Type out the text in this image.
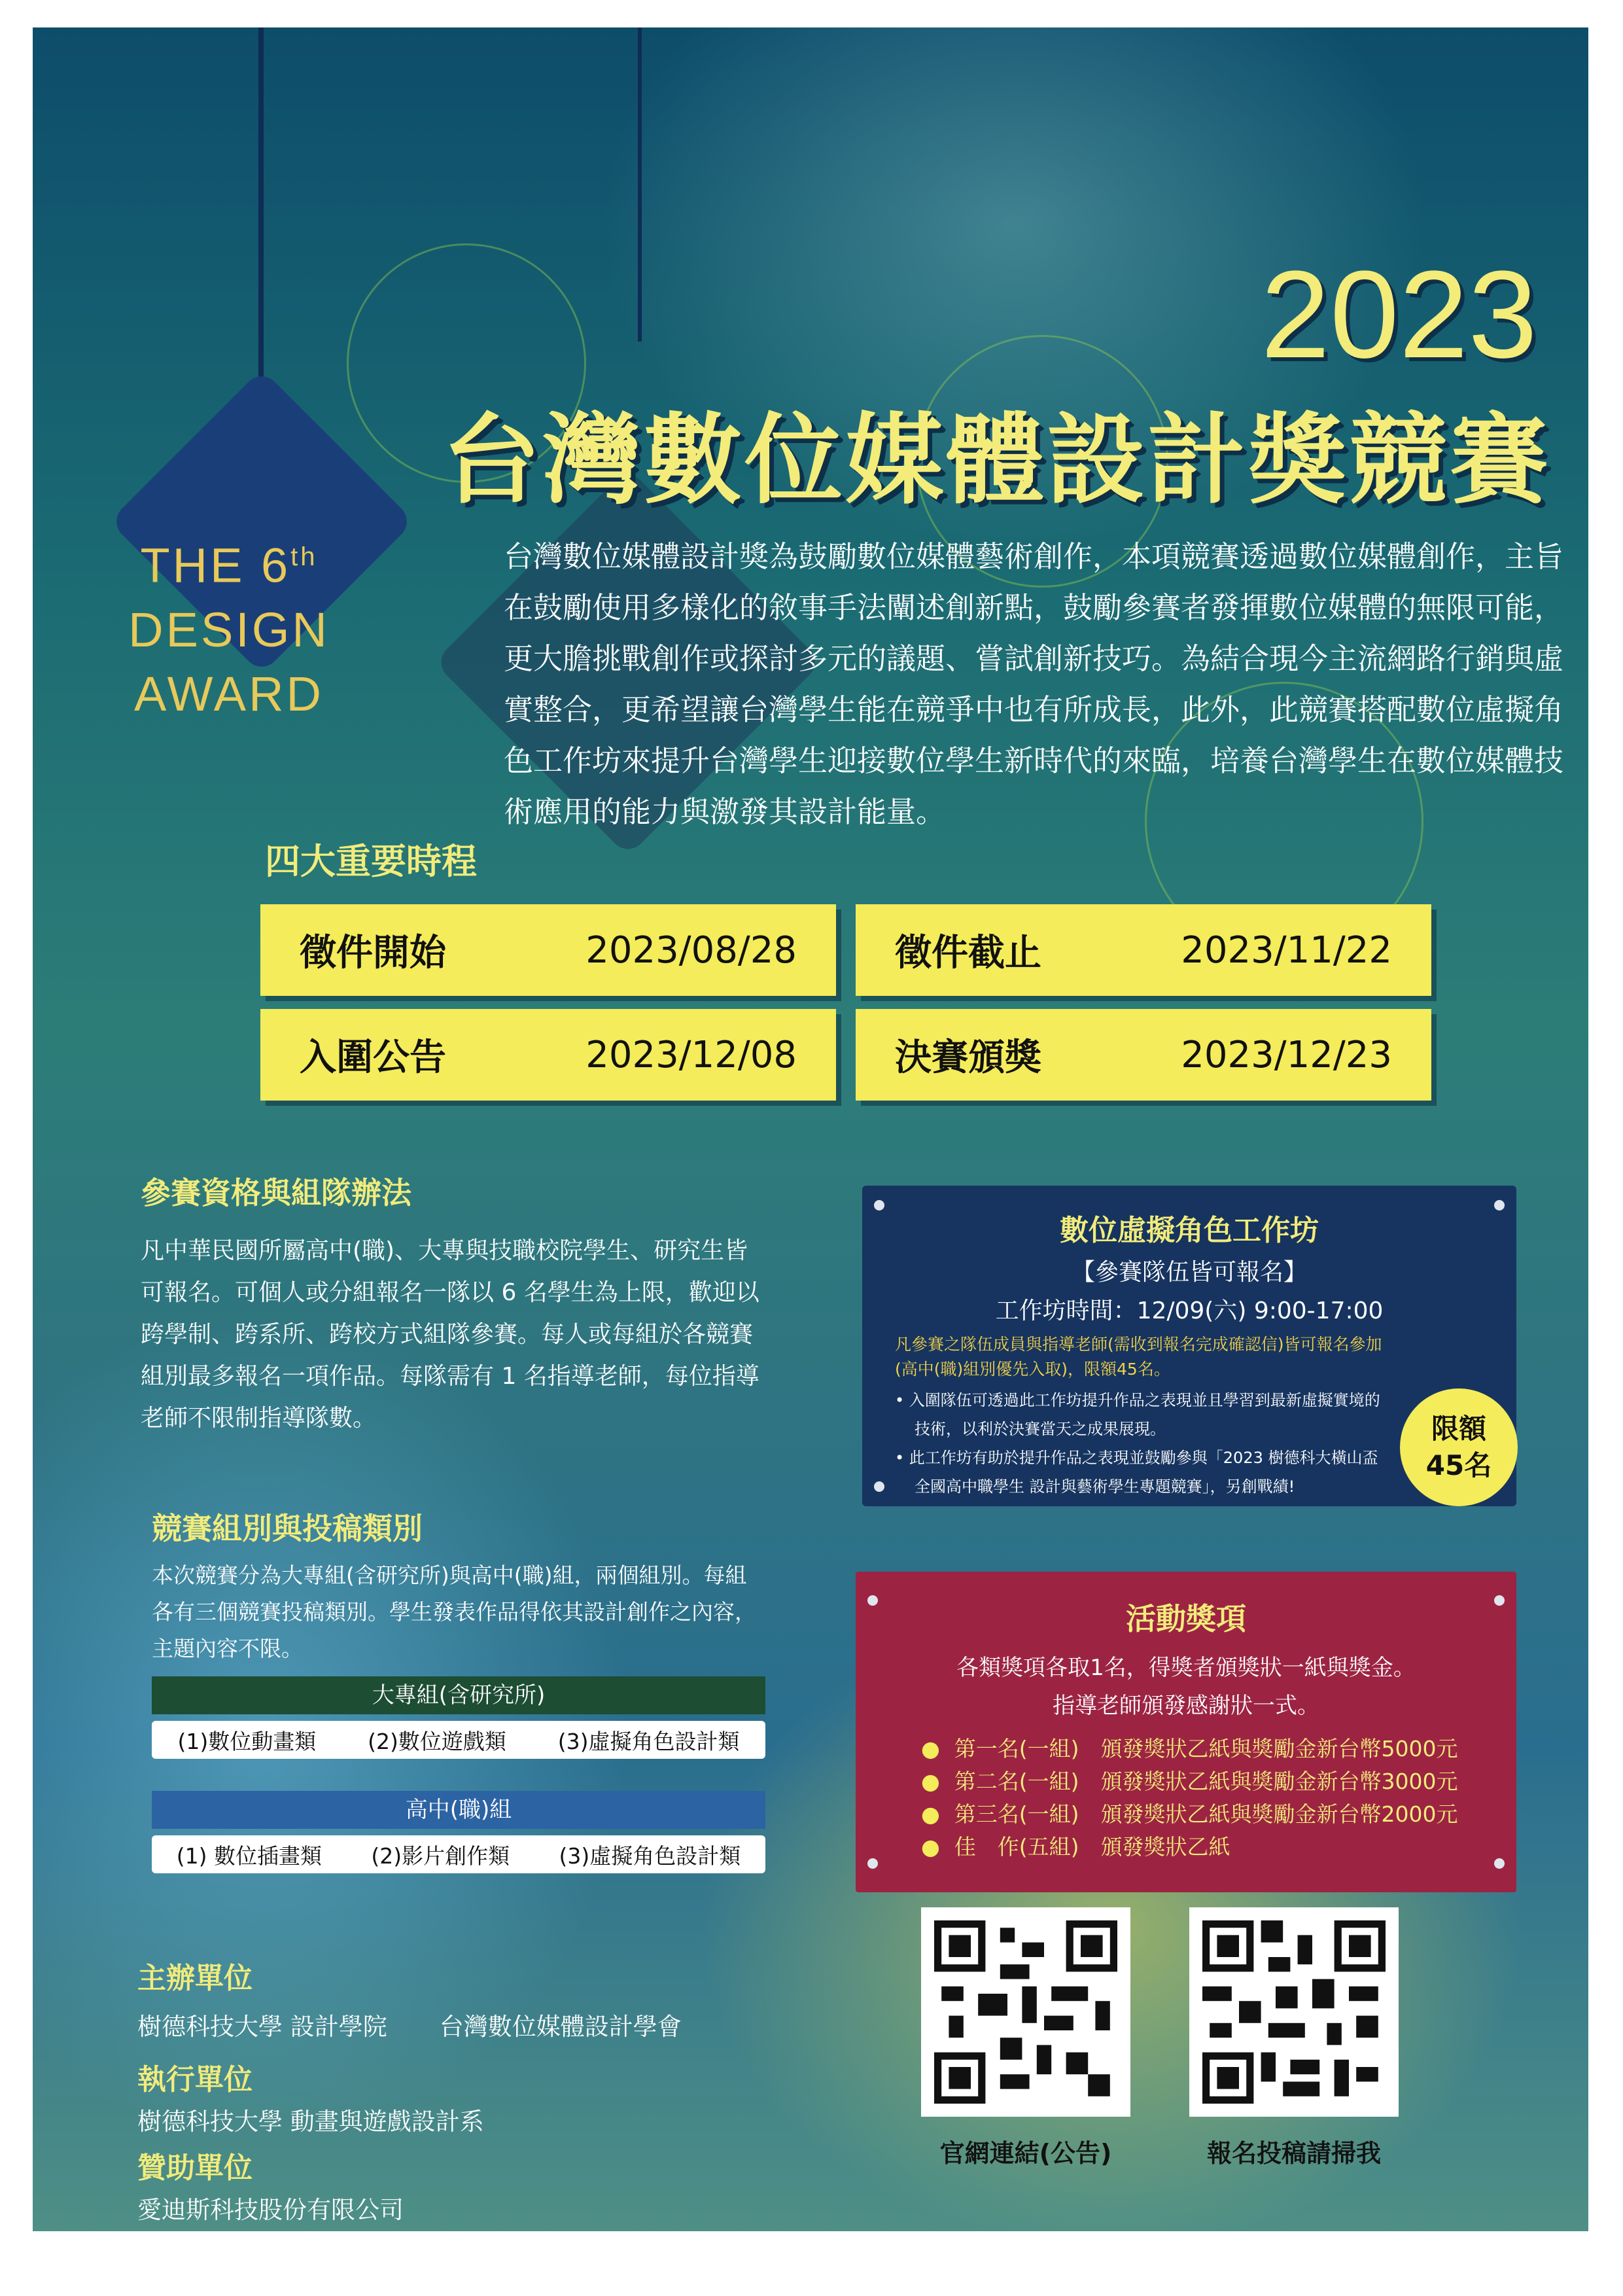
THE 6th
DESIGN
AWARD
2023
台灣數位媒體設計獎競賽
台灣數位媒體設計獎為鼓勵數位媒體藝術創作，本項競賽透過數位媒體創作，主旨在鼓勵使用多樣化的敘事手法闡述創新點，鼓勵參賽者發揮數位媒體的無限可能，更大膽挑戰創作或探討多元的議題、嘗試創新技巧。為結合現今主流網路行銷與虛實整合，更希望讓台灣學生能在競爭中也有所成長，此外，此競賽搭配數位虛擬角色工作坊來提升台灣學生迎接數位學生新時代的來臨，培養台灣學生在數位媒體技術應用的能力與激發其設計能量。
四大重要時程
徵件開始	2023/08/28	徵件截止	2023/11/22
入圍公告	2023/12/08	決賽頒獎	2023/12/23
參賽資格與組隊辦法
凡中華民國所屬高中(職)、大專與技職校院學生、研究生皆
可報名。可個人或分組報名一隊以 6 名學生為上限，歡迎以
跨學制、跨系所、跨校方式組隊參賽。每人或每組於各競賽
組別最多報名一項作品。每隊需有 1 名指導老師，每位指導
老師不限制指導隊數。
數位虛擬角色工作坊
【參賽隊伍皆可報名】
工作坊時間：12/09(六) 9:00-17:00
凡參賽之隊伍成員與指導老師(需收到報名完成確認信)皆可報名參加
(高中(職)組別優先入取)，限額45名。
• 入圍隊伍可透過此工作坊提升作品之表現並且學習到最新虛擬實境的
技術，以利於決賽當天之成果展現。
• 此工作坊有助於提升作品之表現並鼓勵參與「2023 樹德科大橫山盃
全國高中職學生 設計與藝術學生專題競賽」，另創戰績!
限額
45名
競賽組別與投稿類別
本次競賽分為大專組(含研究所)與高中(職)組，兩個組別。每組
各有三個競賽投稿類別。學生發表作品得依其設計創作之內容，
主題內容不限。
大專組(含研究所)
(1)數位動畫類 (2)數位遊戲類 (3)虛擬角色設計類
高中(職)組
(1) 數位插畫類 (2)影片創作類 (3)虛擬角色設計類
活動獎項
各類獎項各取1名，得獎者頒獎狀一紙與獎金。
指導老師頒發感謝狀一式。
● 第一名(一組)　頒發獎狀乙紙與獎勵金新台幣5000元
● 第二名(一組)　頒發獎狀乙紙與獎勵金新台幣3000元
● 第三名(一組)　頒發獎狀乙紙與獎勵金新台幣2000元
● 佳　作(五組)　頒發獎狀乙紙
主辦單位
樹德科技大學 設計學院 台灣數位媒體設計學會
執行單位
樹德科技大學 動畫與遊戲設計系
贊助單位
愛迪斯科技股份有限公司
官網連結(公告)	報名投稿請掃我
